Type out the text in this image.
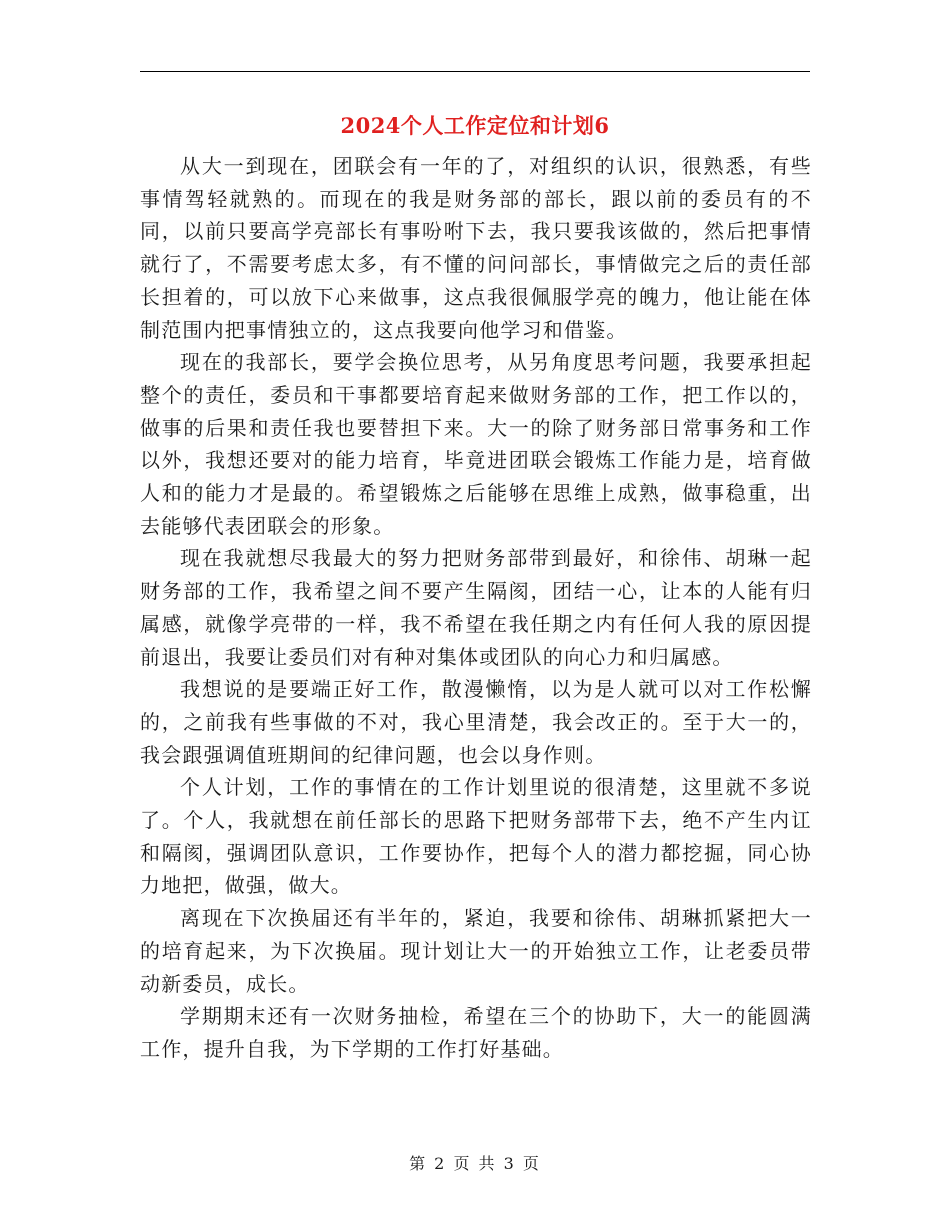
2024个人工作定位和计划6

从大一到现在，团联会有一年的了，对组织的认识，很熟悉，有些事情驾轻就熟的。而现在的我是财务部的部长，跟以前的委员有的不同，以前只要高学亮部长有事吩咐下去，我只要我该做的，然后把事情就行了，不需要考虑太多，有不懂的问问部长，事情做完之后的责任部长担着的，可以放下心来做事，这点我很佩服学亮的魄力，他让能在体制范围内把事情独立的，这点我要向他学习和借鉴。

现在的我部长，要学会换位思考，从另角度思考问题，我要承担起整个的责任，委员和干事都要培育起来做财务部的工作，把工作以的，做事的后果和责任我也要替担下来。大一的除了财务部日常事务和工作以外，我想还要对的能力培育，毕竟进团联会锻炼工作能力是，培育做人和的能力才是最的。希望锻炼之后能够在思维上成熟，做事稳重，出去能够代表团联会的形象。

现在我就想尽我最大的努力把财务部带到最好，和徐伟、胡琳一起财务部的工作，我希望之间不要产生隔阂，团结一心，让本的人能有归属感，就像学亮带的一样，我不希望在我任期之内有任何人我的原因提前退出，我要让委员们对有种对集体或团队的向心力和归属感。

我想说的是要端正好工作，散漫懒惰，以为是人就可以对工作松懈的，之前我有些事做的不对，我心里清楚，我会改正的。至于大一的，我会跟强调值班期间的纪律问题，也会以身作则。

个人计划，工作的事情在的工作计划里说的很清楚，这里就不多说了。个人，我就想在前任部长的思路下把财务部带下去，绝不产生内讧和隔阂，强调团队意识，工作要协作，把每个人的潜力都挖掘，同心协力地把，做强，做大。

离现在下次换届还有半年的，紧迫，我要和徐伟、胡琳抓紧把大一的培育起来，为下次换届。现计划让大一的开始独立工作，让老委员带动新委员，成长。

学期期末还有一次财务抽检，希望在三个的协助下，大一的能圆满工作，提升自我，为下学期的工作打好基础。

第 2 页 共 3 页
